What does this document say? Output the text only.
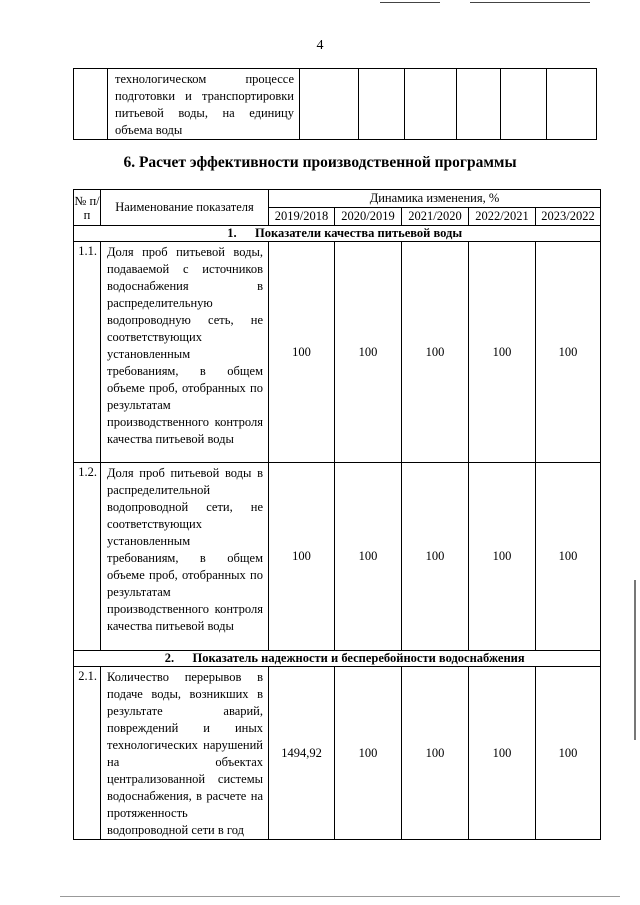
4
	технологическом процессе подготовки и транспортировки питьевой воды, на единицу объема воды						
6. Расчет эффективности производственной программы
№ п/п	Наименование показателя	Динамика изменения, %				
		2019/2018	2020/2019	2021/2020	2022/2021	2023/2022
1. Показатели качества питьевой воды						
1.1.	Доля проб питьевой воды, подаваемой с источников водоснабжения в распределительную водопроводную сеть, не соответствующих установленным требованиям, в общем объеме проб, отобранных по результатам производственного контроля качества питьевой воды	100	100	100	100	100
1.2.	Доля проб питьевой воды в распределительной водопроводной сети, не соответствующих установленным требованиям, в общем объеме проб, отобранных по результатам производственного контроля качества питьевой воды	100	100	100	100	100
2. Показатель надежности и бесперебойности водоснабжения						
2.1.	Количество перерывов в подаче воды, возникших в результате аварий, повреждений и иных технологических нарушений на объектах централизованной системы водоснабжения, в расчете на протяженность водопроводной сети в год	1494,92	100	100	100	100
